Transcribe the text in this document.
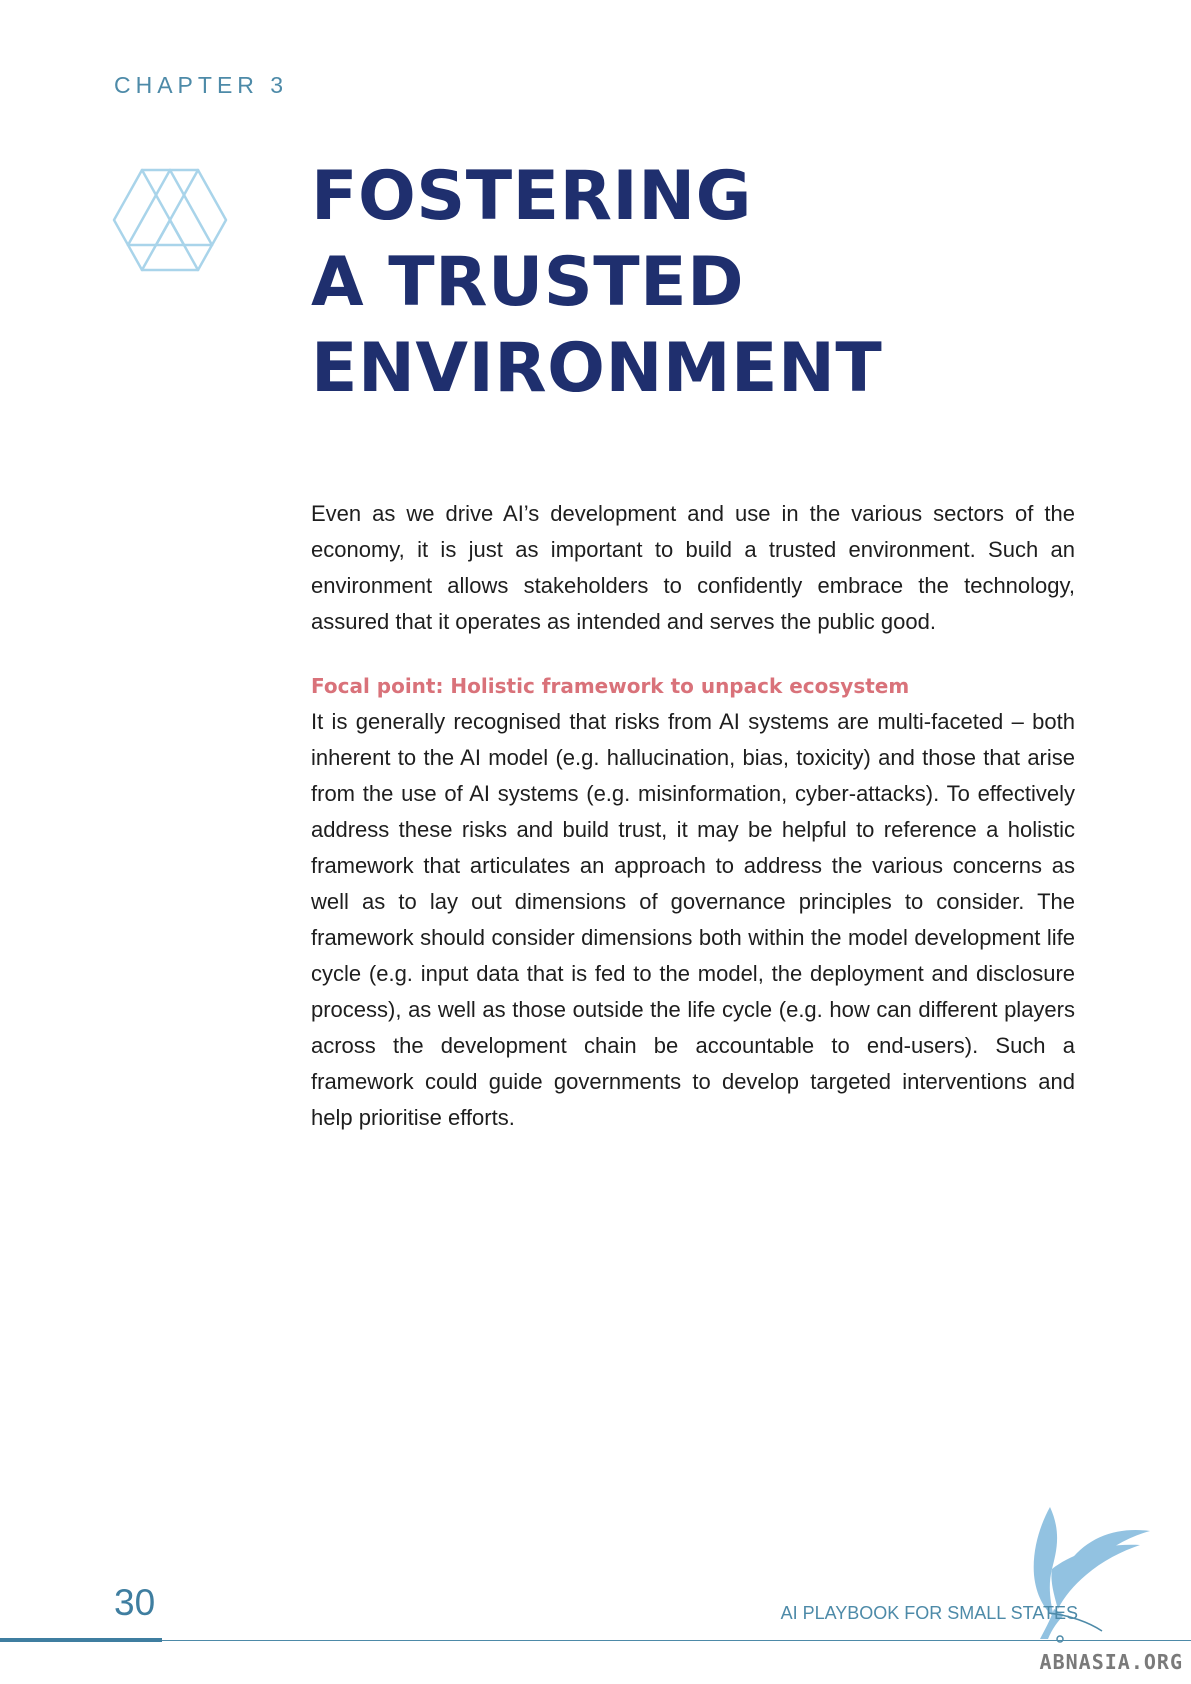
CHAPTER 3
FOSTERING
A TRUSTED
ENVIRONMENT

Even as we drive AI’s development and use in the various sectors of the economy, it is just as important to build a trusted environment. Such an environment allows stakeholders to confidently embrace the technology, assured that it operates as intended and serves the public good.

Focal point: Holistic framework to unpack ecosystem

It is generally recognised that risks from AI systems are multi-faceted – both inherent to the AI model (e.g. hallucination, bias, toxicity) and those that arise from the use of AI systems (e.g. misinformation, cyber-attacks). To effectively address these risks and build trust, it may be helpful to reference a holistic framework that articulates an approach to address the various concerns as well as to lay out dimensions of governance principles to consider. The framework should consider dimensions both within the model development life cycle (e.g. input data that is fed to the model, the deployment and disclosure process), as well as those outside the life cycle (e.g. how can different players across the development chain be accountable to end-users). Such a framework could guide governments to develop targeted interventions and help prioritise efforts.

30	AI PLAYBOOK FOR SMALL STATES
ABNASIA.ORG
